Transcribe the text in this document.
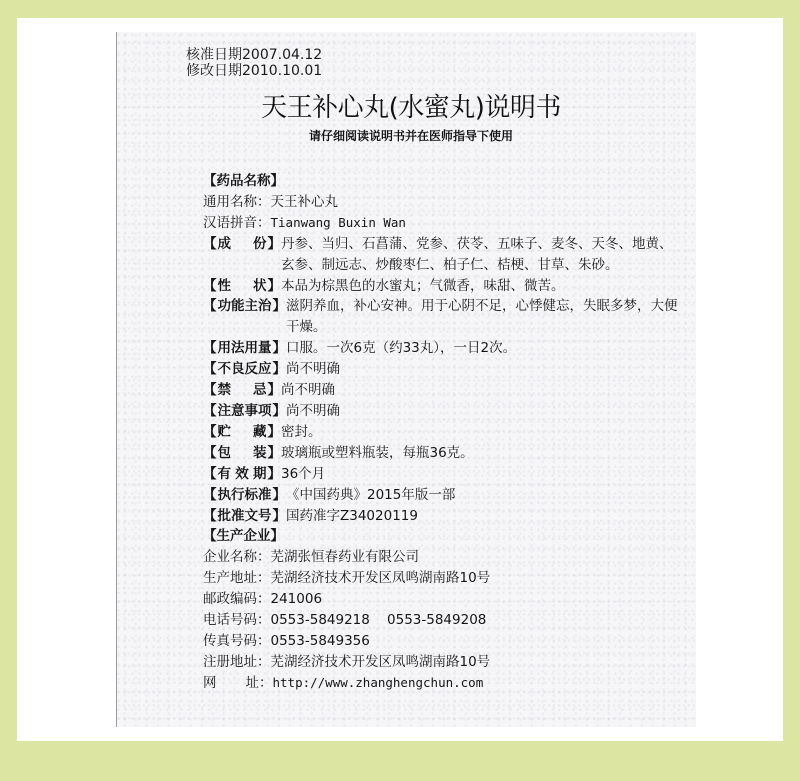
核准日期2007.04.12
修改日期2010.10.01
天王补心丸(水蜜丸)说明书
请仔细阅读说明书并在医师指导下使用
【药品名称】
通用名称： 天王补心丸
汉语拼音： Tianwang Buxin Wan
【 成 份 】 丹参、当归、石菖蒲、党参、茯苓、五味子、麦冬、天冬、地黄、玄参、制远志、炒酸枣仁、柏子仁、桔梗、甘草、朱砂。
【 性 状 】 本品为棕黑色的水蜜丸；气微香，味甜、微苦。
【 功 能 主 治 】 滋阴养血，补心安神。用于心阴不足，心悸健忘，失眠多梦，大便干燥。
【 用 法 用 量 】 口服。一次6克（约33丸），一日2次。
【 不 良 反 应 】 尚不明确
【 禁 忌 】 尚不明确
【 注 意 事 项 】 尚不明确
【 贮 藏 】 密封。
【 包 装 】 玻璃瓶或塑料瓶装，每瓶36克。
【 有 效 期 】 36个月
【 执 行 标 准 】 《中国药典》2015年版一部
【 批 准 文 号 】 国药准字Z34020119
【生产企业】
企业名称： 芜湖张恒春药业有限公司
生产地址： 芜湖经济技术开发区凤鸣湖南路10号
邮政编码： 241006
电话号码： 0553-5849218    0553-5849208
传真号码： 0553-5849356
注册地址： 芜湖经济技术开发区凤鸣湖南路10号
网 址 ： http://www.zhanghengchun.com
